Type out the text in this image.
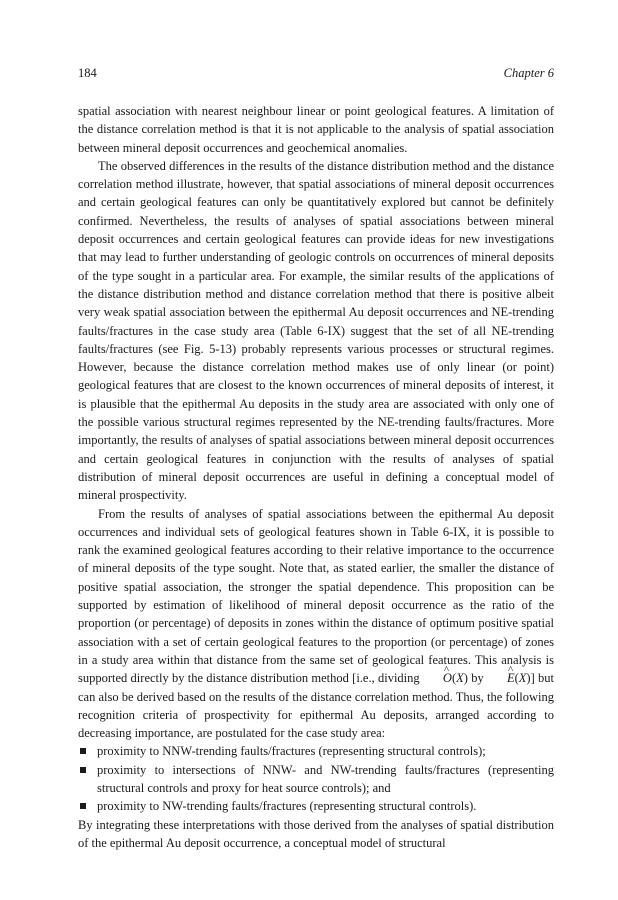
184	Chapter 6

spatial association with nearest neighbour linear or point geological features. A limitation of the distance correlation method is that it is not applicable to the analysis of spatial association between mineral deposit occurrences and geochemical anomalies.

The observed differences in the results of the distance distribution method and the distance correlation method illustrate, however, that spatial associations of mineral deposit occurrences and certain geological features can only be quantitatively explored but cannot be definitely confirmed. Nevertheless, the results of analyses of spatial associations between mineral deposit occurrences and certain geological features can provide ideas for new investigations that may lead to further understanding of geologic controls on occurrences of mineral deposits of the type sought in a particular area. For example, the similar results of the applications of the distance distribution method and distance correlation method that there is positive albeit very weak spatial association between the epithermal Au deposit occurrences and NE-trending faults/fractures in the case study area (Table 6-IX) suggest that the set of all NE-trending faults/fractures (see Fig. 5-13) probably represents various processes or structural regimes. However, because the distance correlation method makes use of only linear (or point) geological features that are closest to the known occurrences of mineral deposits of interest, it is plausible that the epithermal Au deposits in the study area are associated with only one of the possible various structural regimes represented by the NE-trending faults/fractures. More importantly, the results of analyses of spatial associations between mineral deposit occurrences and certain geological features in conjunction with the results of analyses of spatial distribution of mineral deposit occurrences are useful in defining a conceptual model of mineral prospectivity.

From the results of analyses of spatial associations between the epithermal Au deposit occurrences and individual sets of geological features shown in Table 6-IX, it is possible to rank the examined geological features according to their relative importance to the occurrence of mineral deposits of the type sought. Note that, as stated earlier, the smaller the distance of positive spatial association, the stronger the spatial dependence. This proposition can be supported by estimation of likelihood of mineral deposit occurrence as the ratio of the proportion (or percentage) of deposits in zones within the distance of optimum positive spatial association with a set of certain geological features to the proportion (or percentage) of zones in a study area within that distance from the same set of geological features. This analysis is supported directly by the distance distribution method [i.e., dividing ^ O(X) by ^ E(X)] but can also be derived based on the results of the distance correlation method. Thus, the following recognition criteria of prospectivity for epithermal Au deposits, arranged according to decreasing importance, are postulated for the case study area:

proximity to NNW-trending faults/fractures (representing structural controls);
proximity to intersections of NNW- and NW-trending faults/fractures (representing structural controls and proxy for heat source controls); and
proximity to NW-trending faults/fractures (representing structural controls).

By integrating these interpretations with those derived from the analyses of spatial distribution of the epithermal Au deposit occurrence, a conceptual model of structural
